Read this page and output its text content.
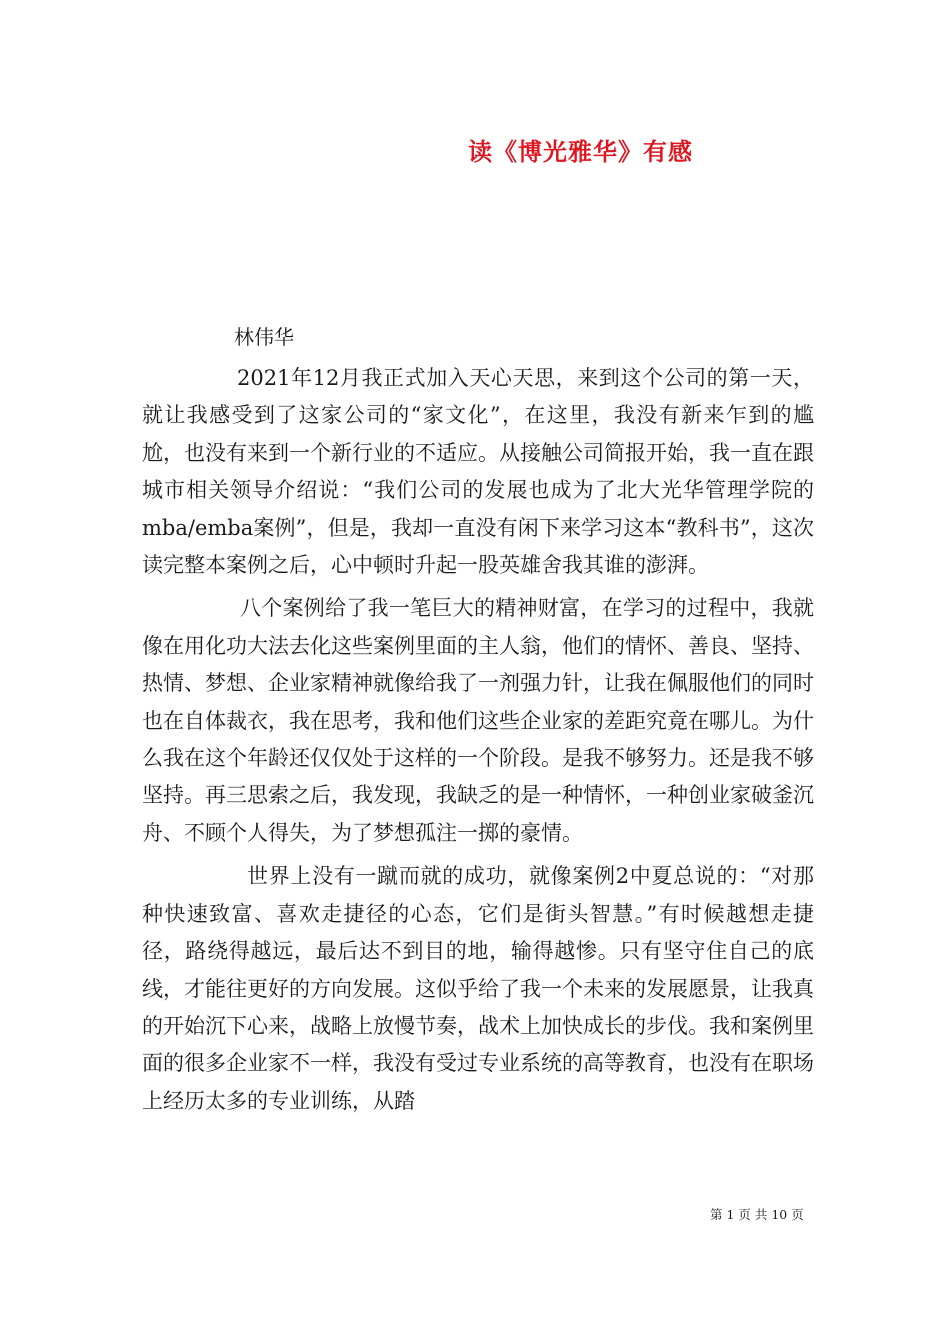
读《博光雅华》有感
林伟华

2021年12月我正式加入天心天思，来到这个公司的第一天，就让我感受到了这家公司的“家文化”，在这里，我没有新来乍到的尴尬，也没有来到一个新行业的不适应。从接触公司简报开始，我一直在跟城市相关领导介绍说：“我们公司的发展也成为了北大光华管理学院的mba/emba案例”，但是，我却一直没有闲下来学习这本“教科书”，这次读完整本案例之后，心中顿时升起一股英雄舍我其谁的澎湃。

八个案例给了我一笔巨大的精神财富，在学习的过程中，我就像在用化功大法去化这些案例里面的主人翁，他们的情怀、善良、坚持、热情、梦想、企业家精神就像给我了一剂强力针，让我在佩服他们的同时也在自体裁衣，我在思考，我和他们这些企业家的差距究竟在哪儿。为什么我在这个年龄还仅仅处于这样的一个阶段。是我不够努力。还是我不够坚持。再三思索之后，我发现，我缺乏的是一种情怀，一种创业家破釜沉舟、不顾个人得失，为了梦想孤注一掷的豪情。

世界上没有一蹴而就的成功，就像案例2中夏总说的：“对那种快速致富、喜欢走捷径的心态，它们是街头智慧。”有时候越想走捷径，路绕得越远，最后达不到目的地，输得越惨。只有坚守住自己的底线，才能往更好的方向发展。这似乎给了我一个未来的发展愿景，让我真的开始沉下心来，战略上放慢节奏，战术上加快成长的步伐。我和案例里面的很多企业家不一样，我没有受过专业系统的高等教育，也没有在职场上经历太多的专业训练，从踏

第 1 页 共 10 页
